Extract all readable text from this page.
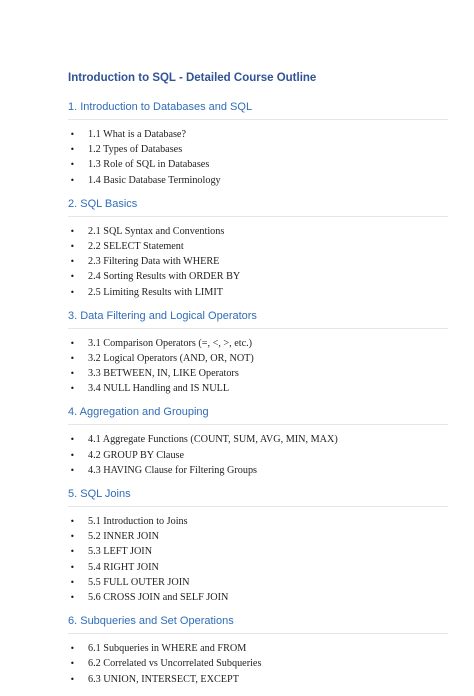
Introduction to SQL - Detailed Course Outline
1. Introduction to Databases and SQL
• 1.1 What is a Database?
• 1.2 Types of Databases
• 1.3 Role of SQL in Databases
• 1.4 Basic Database Terminology
2. SQL Basics
• 2.1 SQL Syntax and Conventions
• 2.2 SELECT Statement
• 2.3 Filtering Data with WHERE
• 2.4 Sorting Results with ORDER BY
• 2.5 Limiting Results with LIMIT
3. Data Filtering and Logical Operators
• 3.1 Comparison Operators (=, <, >, etc.)
• 3.2 Logical Operators (AND, OR, NOT)
• 3.3 BETWEEN, IN, LIKE Operators
• 3.4 NULL Handling and IS NULL
4. Aggregation and Grouping
• 4.1 Aggregate Functions (COUNT, SUM, AVG, MIN, MAX)
• 4.2 GROUP BY Clause
• 4.3 HAVING Clause for Filtering Groups
5. SQL Joins
• 5.1 Introduction to Joins
• 5.2 INNER JOIN
• 5.3 LEFT JOIN
• 5.4 RIGHT JOIN
• 5.5 FULL OUTER JOIN
• 5.6 CROSS JOIN and SELF JOIN
6. Subqueries and Set Operations
• 6.1 Subqueries in WHERE and FROM
• 6.2 Correlated vs Uncorrelated Subqueries
• 6.3 UNION, INTERSECT, EXCEPT
